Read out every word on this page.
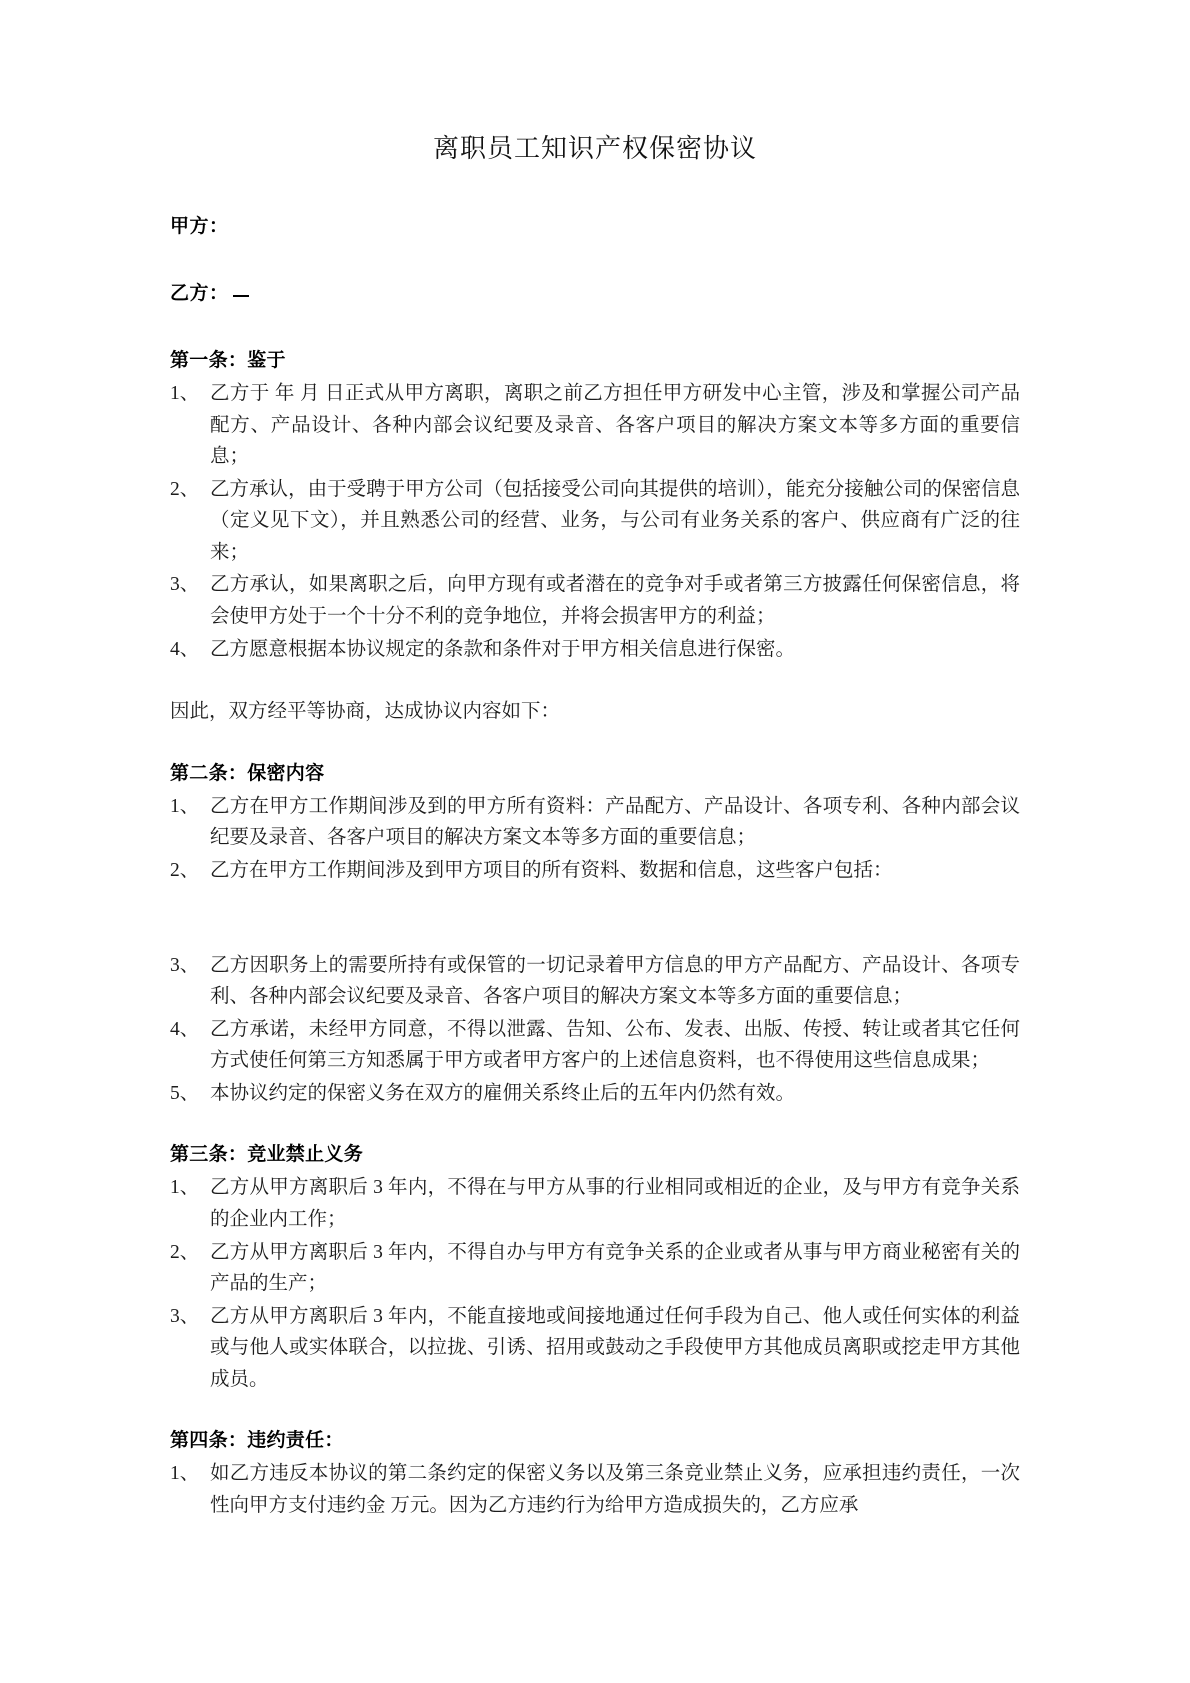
离职员工知识产权保密协议
甲方：
乙方：
第一条：鉴于
1、 乙方于 年 月 日正式从甲方离职，离职之前乙方担任甲方研发中心主管，涉及和掌握公司产品配方、产品设计、各种内部会议纪要及录音、各客户项目的解决方案文本等多方面的重要信息；
2、 乙方承认，由于受聘于甲方公司（包括接受公司向其提供的培训），能充分接触公司的保密信息（定义见下文），并且熟悉公司的经营、业务，与公司有业务关系的客户、供应商有广泛的往来；
3、 乙方承认，如果离职之后，向甲方现有或者潜在的竞争对手或者第三方披露任何保密信息，将会使甲方处于一个十分不利的竞争地位，并将会损害甲方的利益；
4、 乙方愿意根据本协议规定的条款和条件对于甲方相关信息进行保密。

因此，双方经平等协商，达成协议内容如下：

第二条：保密内容
1、 乙方在甲方工作期间涉及到的甲方所有资料：产品配方、产品设计、各项专利、各种内部会议纪要及录音、各客户项目的解决方案文本等多方面的重要信息；
2、 乙方在甲方工作期间涉及到甲方项目的所有资料、数据和信息，这些客户包括：
3、 乙方因职务上的需要所持有或保管的一切记录着甲方信息的甲方产品配方、产品设计、各项专利、各种内部会议纪要及录音、各客户项目的解决方案文本等多方面的重要信息；
4、 乙方承诺，未经甲方同意，不得以泄露、告知、公布、发表、出版、传授、转让或者其它任何方式使任何第三方知悉属于甲方或者甲方客户的上述信息资料，也不得使用这些信息成果；
5、 本协议约定的保密义务在双方的雇佣关系终止后的五年内仍然有效。
第三条：竞业禁止义务
1、 乙方从甲方离职后 3 年内，不得在与甲方从事的行业相同或相近的企业，及与甲方有竞争关系的企业内工作；
2、 乙方从甲方离职后 3 年内，不得自办与甲方有竞争关系的企业或者从事与甲方商业秘密有关的产品的生产；
3、 乙方从甲方离职后 3 年内，不能直接地或间接地通过任何手段为自己、他人或任何实体的利益或与他人或实体联合，以拉拢、引诱、招用或鼓动之手段使甲方其他成员离职或挖走甲方其他成员。
第四条：违约责任：
1、 如乙方违反本协议的第二条约定的保密义务以及第三条竞业禁止义务，应承担违约责任，一次性向甲方支付违约金 万元。因为乙方违约行为给甲方造成损失的，乙方应承
